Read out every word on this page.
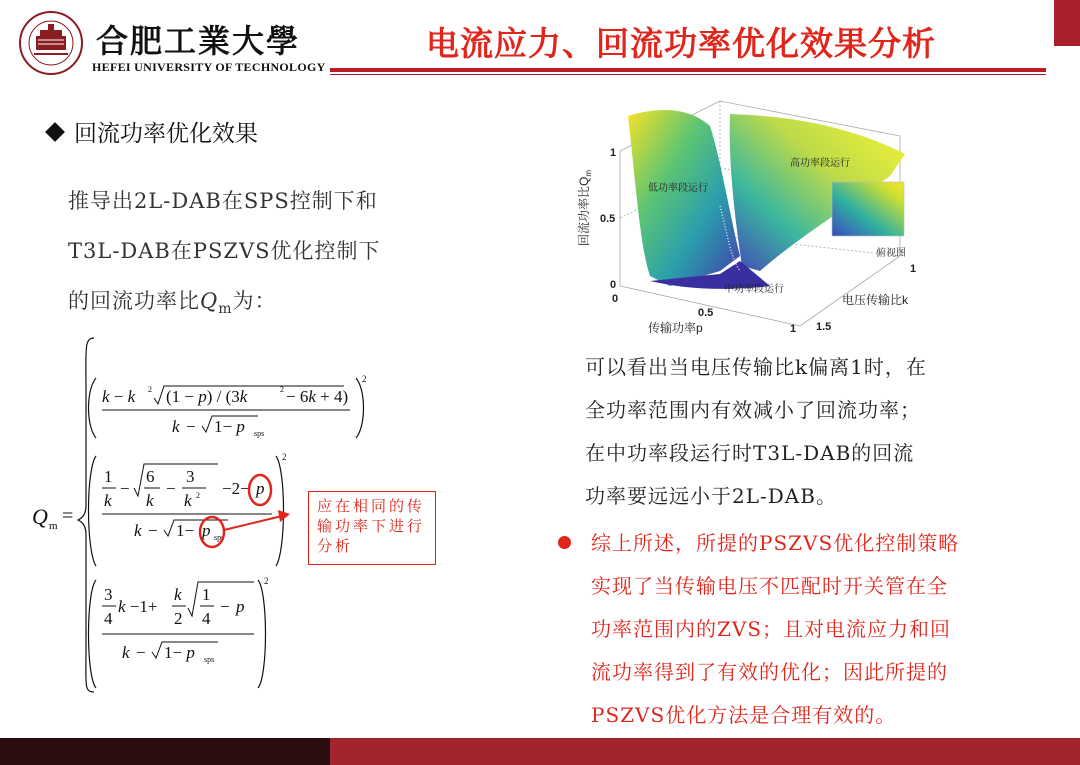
合肥工業大學
HEFEI UNIVERSITY OF TECHNOLOGY
电流应力、回流功率优化效果分析
回流功率优化效果
推导出2L-DAB在SPS控制下和
T3L-DAB在PSZVS优化控制下
的回流功率比$Q_m$为：
Q m =
2
k − k 2 (1 − p) / (3k	2 − 6k + 4)
k − 1− p sps
2
1
k
−
6
k
−
3
k 2 −2− p
k − 1− p sps
2
3
4
k −1+
k
2
1
4
− p
k − 1− p sps
应在相同的传输功率下进行分析
俯视图
低功率段运行
高功率段运行
中功率段运行
1
0.5
0
0
0.5
1
1
1.5
传输功率p
电压传输比k
回流功率比$Q_m$
可以看出当电压传输比k偏离1时，在
全功率范围内有效减小了回流功率；
在中功率段运行时T3L-DAB的回流
功率要远远小于2L-DAB。
综上所述，所提的PSZVS优化控制策略
实现了当传输电压不匹配时开关管在全
功率范围内的ZVS；且对电流应力和回
流功率得到了有效的优化；因此所提的
PSZVS优化方法是合理有效的。
